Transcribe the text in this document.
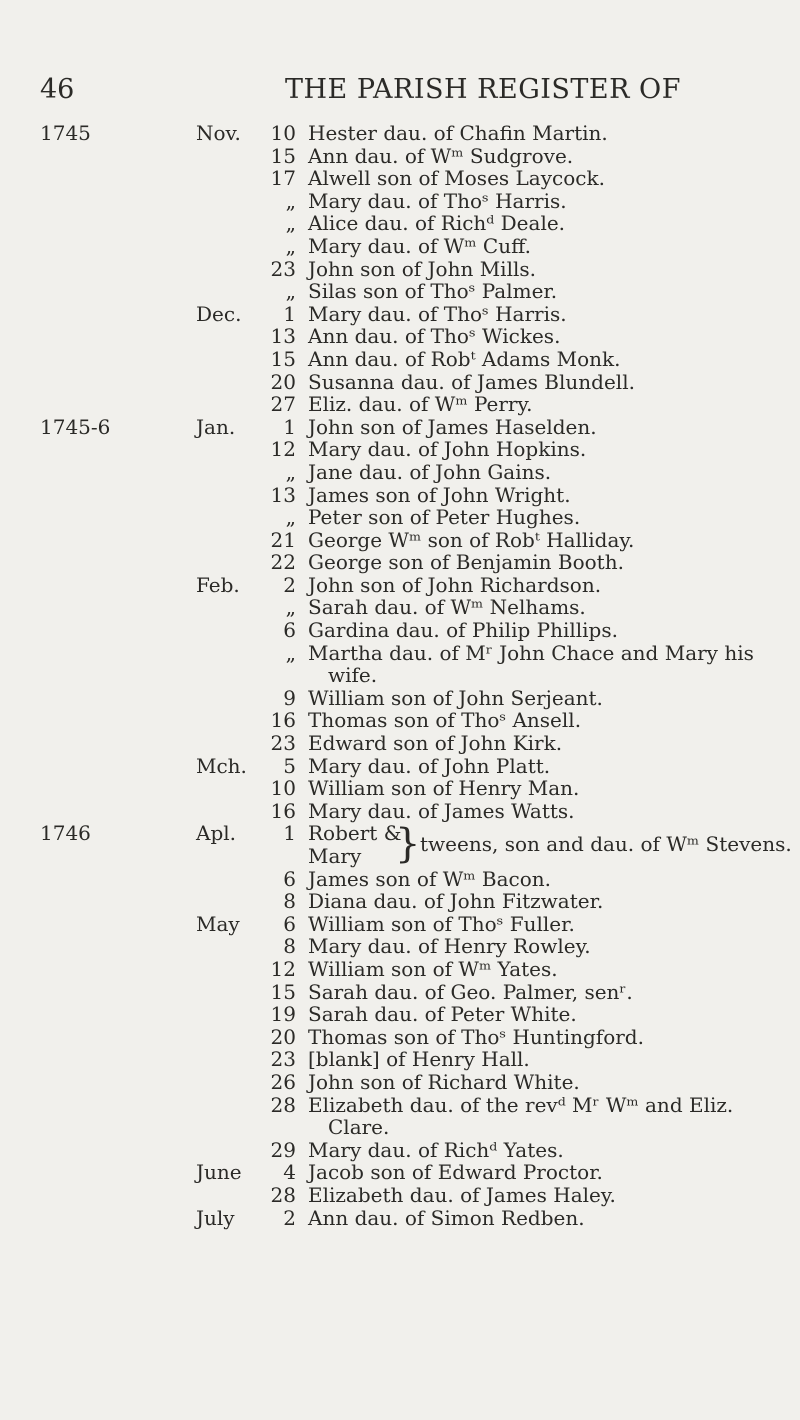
46	THE PARISH REGISTER OF
1745	Nov.	10 Hester dau. of Chafin Martin.
15 Ann dau. of Wᵐ Sudgrove.
17 Alwell son of Moses Laycock.
„ Mary dau. of Thoˢ Harris.
„ Alice dau. of Richᵈ Deale.
„ Mary dau. of Wᵐ Cuff.
23 John son of John Mills.
„ Silas son of Thoˢ Palmer.
Dec.	1 Mary dau. of Thoˢ Harris.
13 Ann dau. of Thoˢ Wickes.
15 Ann dau. of Robᵗ Adams Monk.
20 Susanna dau. of James Blundell.
27 Eliz. dau. of Wᵐ Perry.
1745-6	Jan.	1 John son of James Haselden.
12 Mary dau. of John Hopkins.
„ Jane dau. of John Gains.
13 James son of John Wright.
„ Peter son of Peter Hughes.
21 George Wᵐ son of Robᵗ Halliday.
22 George son of Benjamin Booth.
Feb.	2 John son of John Richardson.
„ Sarah dau. of Wᵐ Nelhams.
6 Gardina dau. of Philip Phillips.
„ Martha dau. of Mʳ John Chace and Mary his
wife.
9 William son of John Serjeant.
16 Thomas son of Thoˢ Ansell.
23 Edward son of John Kirk.
Mch.	5 Mary dau. of John Platt.
10 William son of Henry Man.
16 Mary dau. of James Watts.
1746	Apl.	1 Robert &
Mary } tweens, son and dau. of Wᵐ Stevens.
6 James son of Wᵐ Bacon.
8 Diana dau. of John Fitzwater.
May	6 William son of Thoˢ Fuller.
8 Mary dau. of Henry Rowley.
12 William son of Wᵐ Yates.
15 Sarah dau. of Geo. Palmer, senʳ.
19 Sarah dau. of Peter White.
20 Thomas son of Thoˢ Huntingford.
23 [blank] of Henry Hall.
26 John son of Richard White.
28 Elizabeth dau. of the revᵈ Mʳ Wᵐ and Eliz.
Clare.
29 Mary dau. of Richᵈ Yates.
June	4 Jacob son of Edward Proctor.
28 Elizabeth dau. of James Haley.
July	2 Ann dau. of Simon Redben.
